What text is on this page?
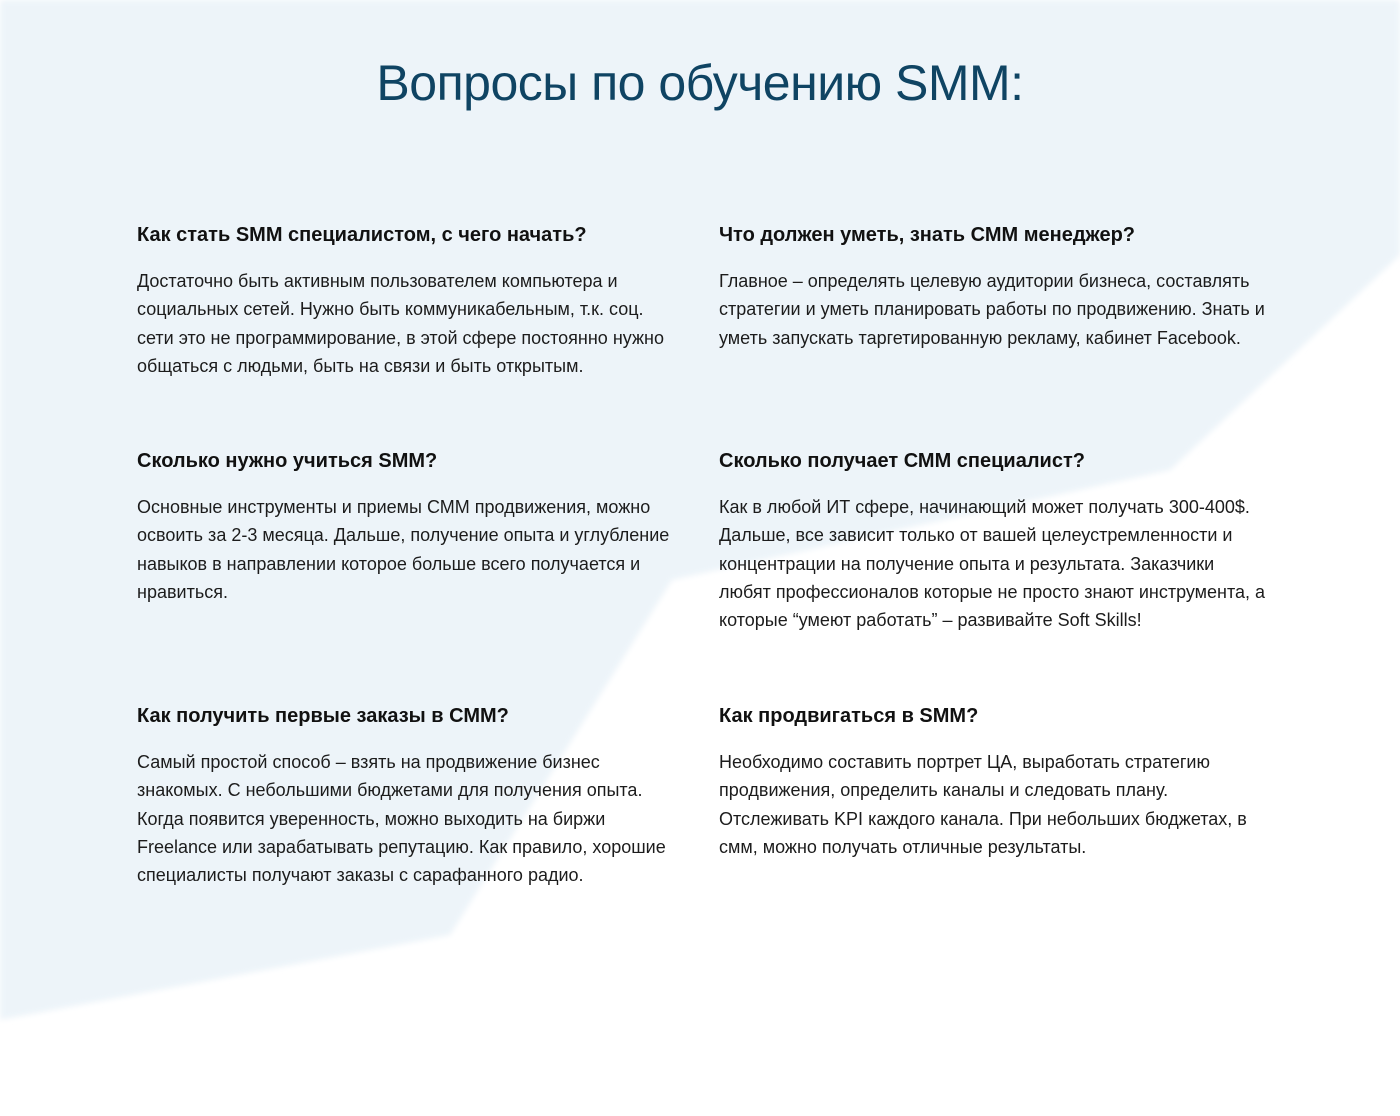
Вопросы по обучению SMM:
Как стать SMM специалистом, с чего начать?

Достаточно быть активным пользователем компьютера и социальных сетей. Нужно быть коммуникабельным, т.к. соц. сети это не программирование, в этой сфере постоянно нужно общаться с людьми, быть на связи и быть открытым.

Что должен уметь, знать СММ менеджер?

Главное – определять целевую аудитории бизнеса, составлять стратегии и уметь планировать работы по продвижению. Знать и уметь запускать таргетированную рекламу, кабинет Facebook.

Сколько нужно учиться SMM?

Основные инструменты и приемы СММ продвижения, можно освоить за 2-3 месяца. Дальше, получение опыта и углубление навыков в направлении которое больше всего получается и нравиться.

Сколько получает СММ специалист?

Как в любой ИТ сфере, начинающий может получать 300-400$. Дальше, все зависит только от вашей целеустремленности и концентрации на получение опыта и результата. Заказчики любят профессионалов которые не просто знают инструмента, а которые “умеют работать” – развивайте Soft Skills!

Как получить первые заказы в СММ?

Самый простой способ – взять на продвижение бизнес знакомых. С небольшими бюджетами для получения опыта. Когда появится уверенность, можно выходить на биржи Freelance или зарабатывать репутацию. Как правило, хорошие специалисты получают заказы с сарафанного радио.

Как продвигаться в SMM?

Необходимо составить портрет ЦА, выработать стратегию продвижения, определить каналы и следовать плану. Отслеживать KPI каждого канала. При небольших бюджетах, в смм, можно получать отличные результаты.
